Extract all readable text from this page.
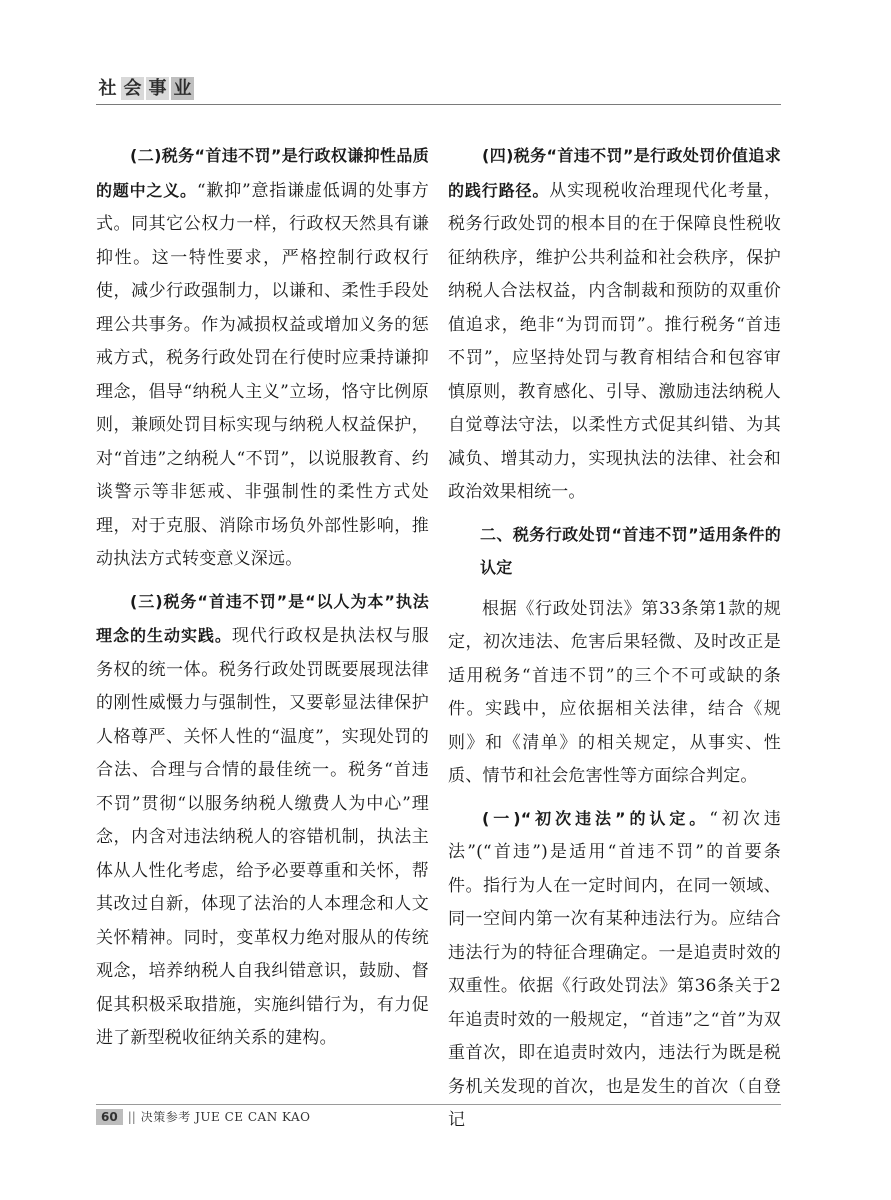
社 会 事 业

(二)税务“首违不罚”是行政权谦抑性品质的题中之义。“歉抑”意指谦虚低调的处事方式。同其它公权力一样，行政权天然具有谦抑性。这一特性要求，严格控制行政权行使，减少行政强制力，以谦和、柔性手段处理公共事务。作为减损权益或增加义务的惩戒方式，税务行政处罚在行使时应秉持谦抑理念，倡导“纳税人主义”立场，恪守比例原则，兼顾处罚目标实现与纳税人权益保护，对“首违”之纳税人“不罚”，以说服教育、约谈警示等非惩戒、非强制性的柔性方式处理，对于克服、消除市场负外部性影响，推动执法方式转变意义深远。

(三)税务“首违不罚”是“以人为本”执法理念的生动实践。现代行政权是执法权与服务权的统一体。税务行政处罚既要展现法律的刚性威慑力与强制性，又要彰显法律保护人格尊严、关怀人性的“温度”，实现处罚的合法、合理与合情的最佳统一。税务“首违不罚”贯彻“以服务纳税人缴费人为中心”理念，内含对违法纳税人的容错机制，执法主体从人性化考虑，给予必要尊重和关怀，帮其改过自新，体现了法治的人本理念和人文关怀精神。同时，变革权力绝对服从的传统观念，培养纳税人自我纠错意识，鼓励、督促其积极采取措施，实施纠错行为，有力促进了新型税收征纳关系的建构。

(四)税务“首违不罚”是行政处罚价值追求的践行路径。从实现税收治理现代化考量，税务行政处罚的根本目的在于保障良性税收征纳秩序，维护公共利益和社会秩序，保护纳税人合法权益，内含制裁和预防的双重价值追求，绝非“为罚而罚”。推行税务“首违不罚”，应坚持处罚与教育相结合和包容审慎原则，教育感化、引导、激励违法纳税人自觉尊法守法，以柔性方式促其纠错、为其减负、增其动力，实现执法的法律、社会和政治效果相统一。

二、税务行政处罚“首违不罚”适用条件的认定

根据《行政处罚法》第33条第1款的规定，初次违法、危害后果轻微、及时改正是适用税务“首违不罚”的三个不可或缺的条件。实践中，应依据相关法律，结合《规则》和《清单》的相关规定，从事实、性质、情节和社会危害性等方面综合判定。

(一)“初次违法”的认定。“初次违法”(“首违”)是适用“首违不罚”的首要条件。指行为人在一定时间内，在同一领域、同一空间内第一次有某种违法行为。应结合违法行为的特征合理确定。一是追责时效的双重性。依据《行政处罚法》第36条关于2年追责时效的一般规定，“首违”之“首”为双重首次，即在追责时效内，违法行为既是税务机关发现的首次，也是发生的首次（自登记

60 || 决策参考 JUE CE CAN KAO
